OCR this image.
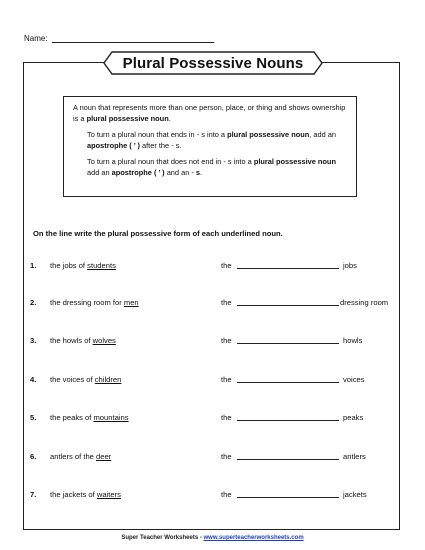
Name:
Plural Possessive Nouns

A noun that represents more than one person, place, or thing and shows ownership is a plural possessive noun.

To turn a plural noun that ends in - s into a plural possessive noun, add an apostrophe ( ’ ) after the - s.

To turn a plural noun that does not end in - s into a plural possessive noun add an apostrophe ( ’ ) and an - s.

On the line write the plural possessive form of each underlined noun.
1. the jobs of students	the	jobs
2. the dressing room for men	the	dressing room
3. the howls of wolves	the	howls
4. the voices of children	the	voices
5. the peaks of mountains	the	peaks
6. antlers of the deer	the	antlers
7. the jackets of waiters	the	jackets
Super Teacher Worksheets - www.superteacherworksheets.com
